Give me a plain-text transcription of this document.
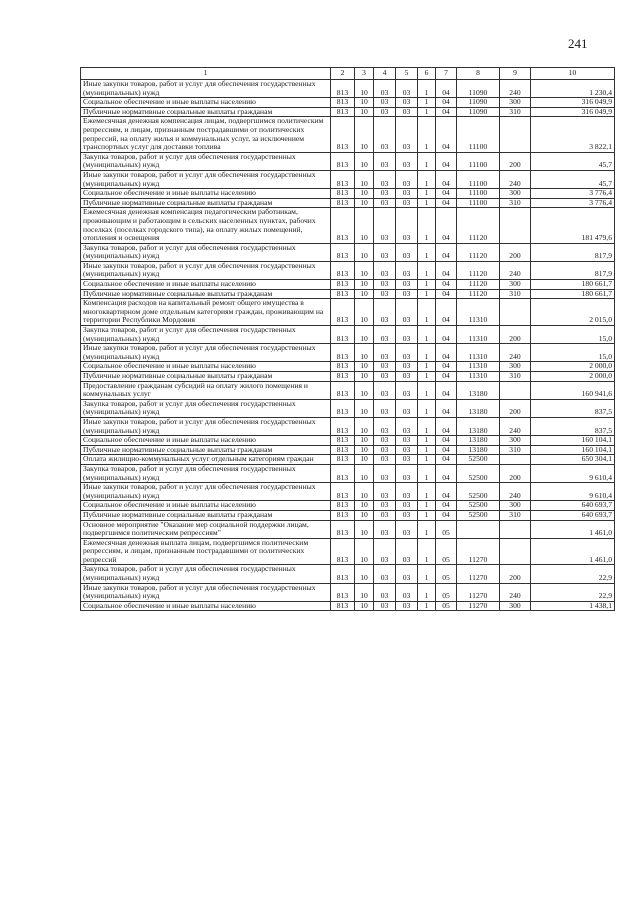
241
1	2	3	4	5	6	7	8	9	10
Иные закупки товаров, работ и услуг для обеспечения государственных (муниципальных) нужд	813	10	03	03	1	04	11090	240	1 230,4
Социальное обеспечение и иные выплаты населению	813	10	03	03	1	04	11090	300	316 049,9
Публичные нормативные социальные выплаты гражданам	813	10	03	03	1	04	11090	310	316 049,9
Ежемесячная денежная компенсация лицам, подвергшимся политическим репрессиям, и лицам, признанным пострадавшими от политических репрессий, на оплату жилья и коммунальных услуг, за исключением транспортных услуг для доставки топлива	813	10	03	03	1	04	11100		3 822,1
Закупка товаров, работ и услуг для обеспечения государственных (муниципальных) нужд	813	10	03	03	1	04	11100	200	45,7
Иные закупки товаров, работ и услуг для обеспечения государственных (муниципальных) нужд	813	10	03	03	1	04	11100	240	45,7
Социальное обеспечение и иные выплаты населению	813	10	03	03	1	04	11100	300	3 776,4
Публичные нормативные социальные выплаты гражданам	813	10	03	03	1	04	11100	310	3 776,4
Ежемесячная денежная компенсация педагогическим работникам, проживающим и работающим в сельских населенных пунктах, рабочих поселках (поселках городского типа), на оплату жилых помещений, отопления и освещения	813	10	03	03	1	04	11120		181 479,6
Закупка товаров, работ и услуг для обеспечения государственных (муниципальных) нужд	813	10	03	03	1	04	11120	200	817,9
Иные закупки товаров, работ и услуг для обеспечения государственных (муниципальных) нужд	813	10	03	03	1	04	11120	240	817,9
Социальное обеспечение и иные выплаты населению	813	10	03	03	1	04	11120	300	180 661,7
Публичные нормативные социальные выплаты гражданам	813	10	03	03	1	04	11120	310	180 661,7
Компенсация расходов на капитальный ремонт общего имущества в многоквартирном доме отдельным категориям граждан, проживающим на территории Республики Мордовия	813	10	03	03	1	04	11310		2 015,0
Закупка товаров, работ и услуг для обеспечения государственных (муниципальных) нужд	813	10	03	03	1	04	11310	200	15,0
Иные закупки товаров, работ и услуг для обеспечения государственных (муниципальных) нужд	813	10	03	03	1	04	11310	240	15,0
Социальное обеспечение и иные выплаты населению	813	10	03	03	1	04	11310	300	2 000,0
Публичные нормативные социальные выплаты гражданам	813	10	03	03	1	04	11310	310	2 000,0
Предоставление гражданам субсидий на оплату жилого помещения и коммунальных услуг	813	10	03	03	1	04	13180		160 941,6
Закупка товаров, работ и услуг для обеспечения государственных (муниципальных) нужд	813	10	03	03	1	04	13180	200	837,5
Иные закупки товаров, работ и услуг для обеспечения государственных (муниципальных) нужд	813	10	03	03	1	04	13180	240	837,5
Социальное обеспечение и иные выплаты населению	813	10	03	03	1	04	13180	300	160 104,1
Публичные нормативные социальные выплаты гражданам	813	10	03	03	1	04	13180	310	160 104,1
Оплата жилищно-коммунальных услуг отдельным категориям граждан	813	10	03	03	1	04	52500		650 304,1
Закупка товаров, работ и услуг для обеспечения государственных (муниципальных) нужд	813	10	03	03	1	04	52500	200	9 610,4
Иные закупки товаров, работ и услуг для обеспечения государственных (муниципальных) нужд	813	10	03	03	1	04	52500	240	9 610,4
Социальное обеспечение и иные выплаты населению	813	10	03	03	1	04	52500	300	640 693,7
Публичные нормативные социальные выплаты гражданам	813	10	03	03	1	04	52500	310	640 693,7
Основное мероприятие "Оказание мер социальной поддержки лицам, подвергшимся политическим репрессиям"	813	10	03	03	1	05			1 461,0
Ежемесячная денежная выплата лицам, подвергшимся политическим репрессиям, и лицам, признанным пострадавшими от политических репрессий	813	10	03	03	1	05	11270		1 461,0
Закупка товаров, работ и услуг для обеспечения государственных (муниципальных) нужд	813	10	03	03	1	05	11270	200	22,9
Иные закупки товаров, работ и услуг для обеспечения государственных (муниципальных) нужд	813	10	03	03	1	05	11270	240	22,9
Социальное обеспечение и иные выплаты населению	813	10	03	03	1	05	11270	300	1 438,1
